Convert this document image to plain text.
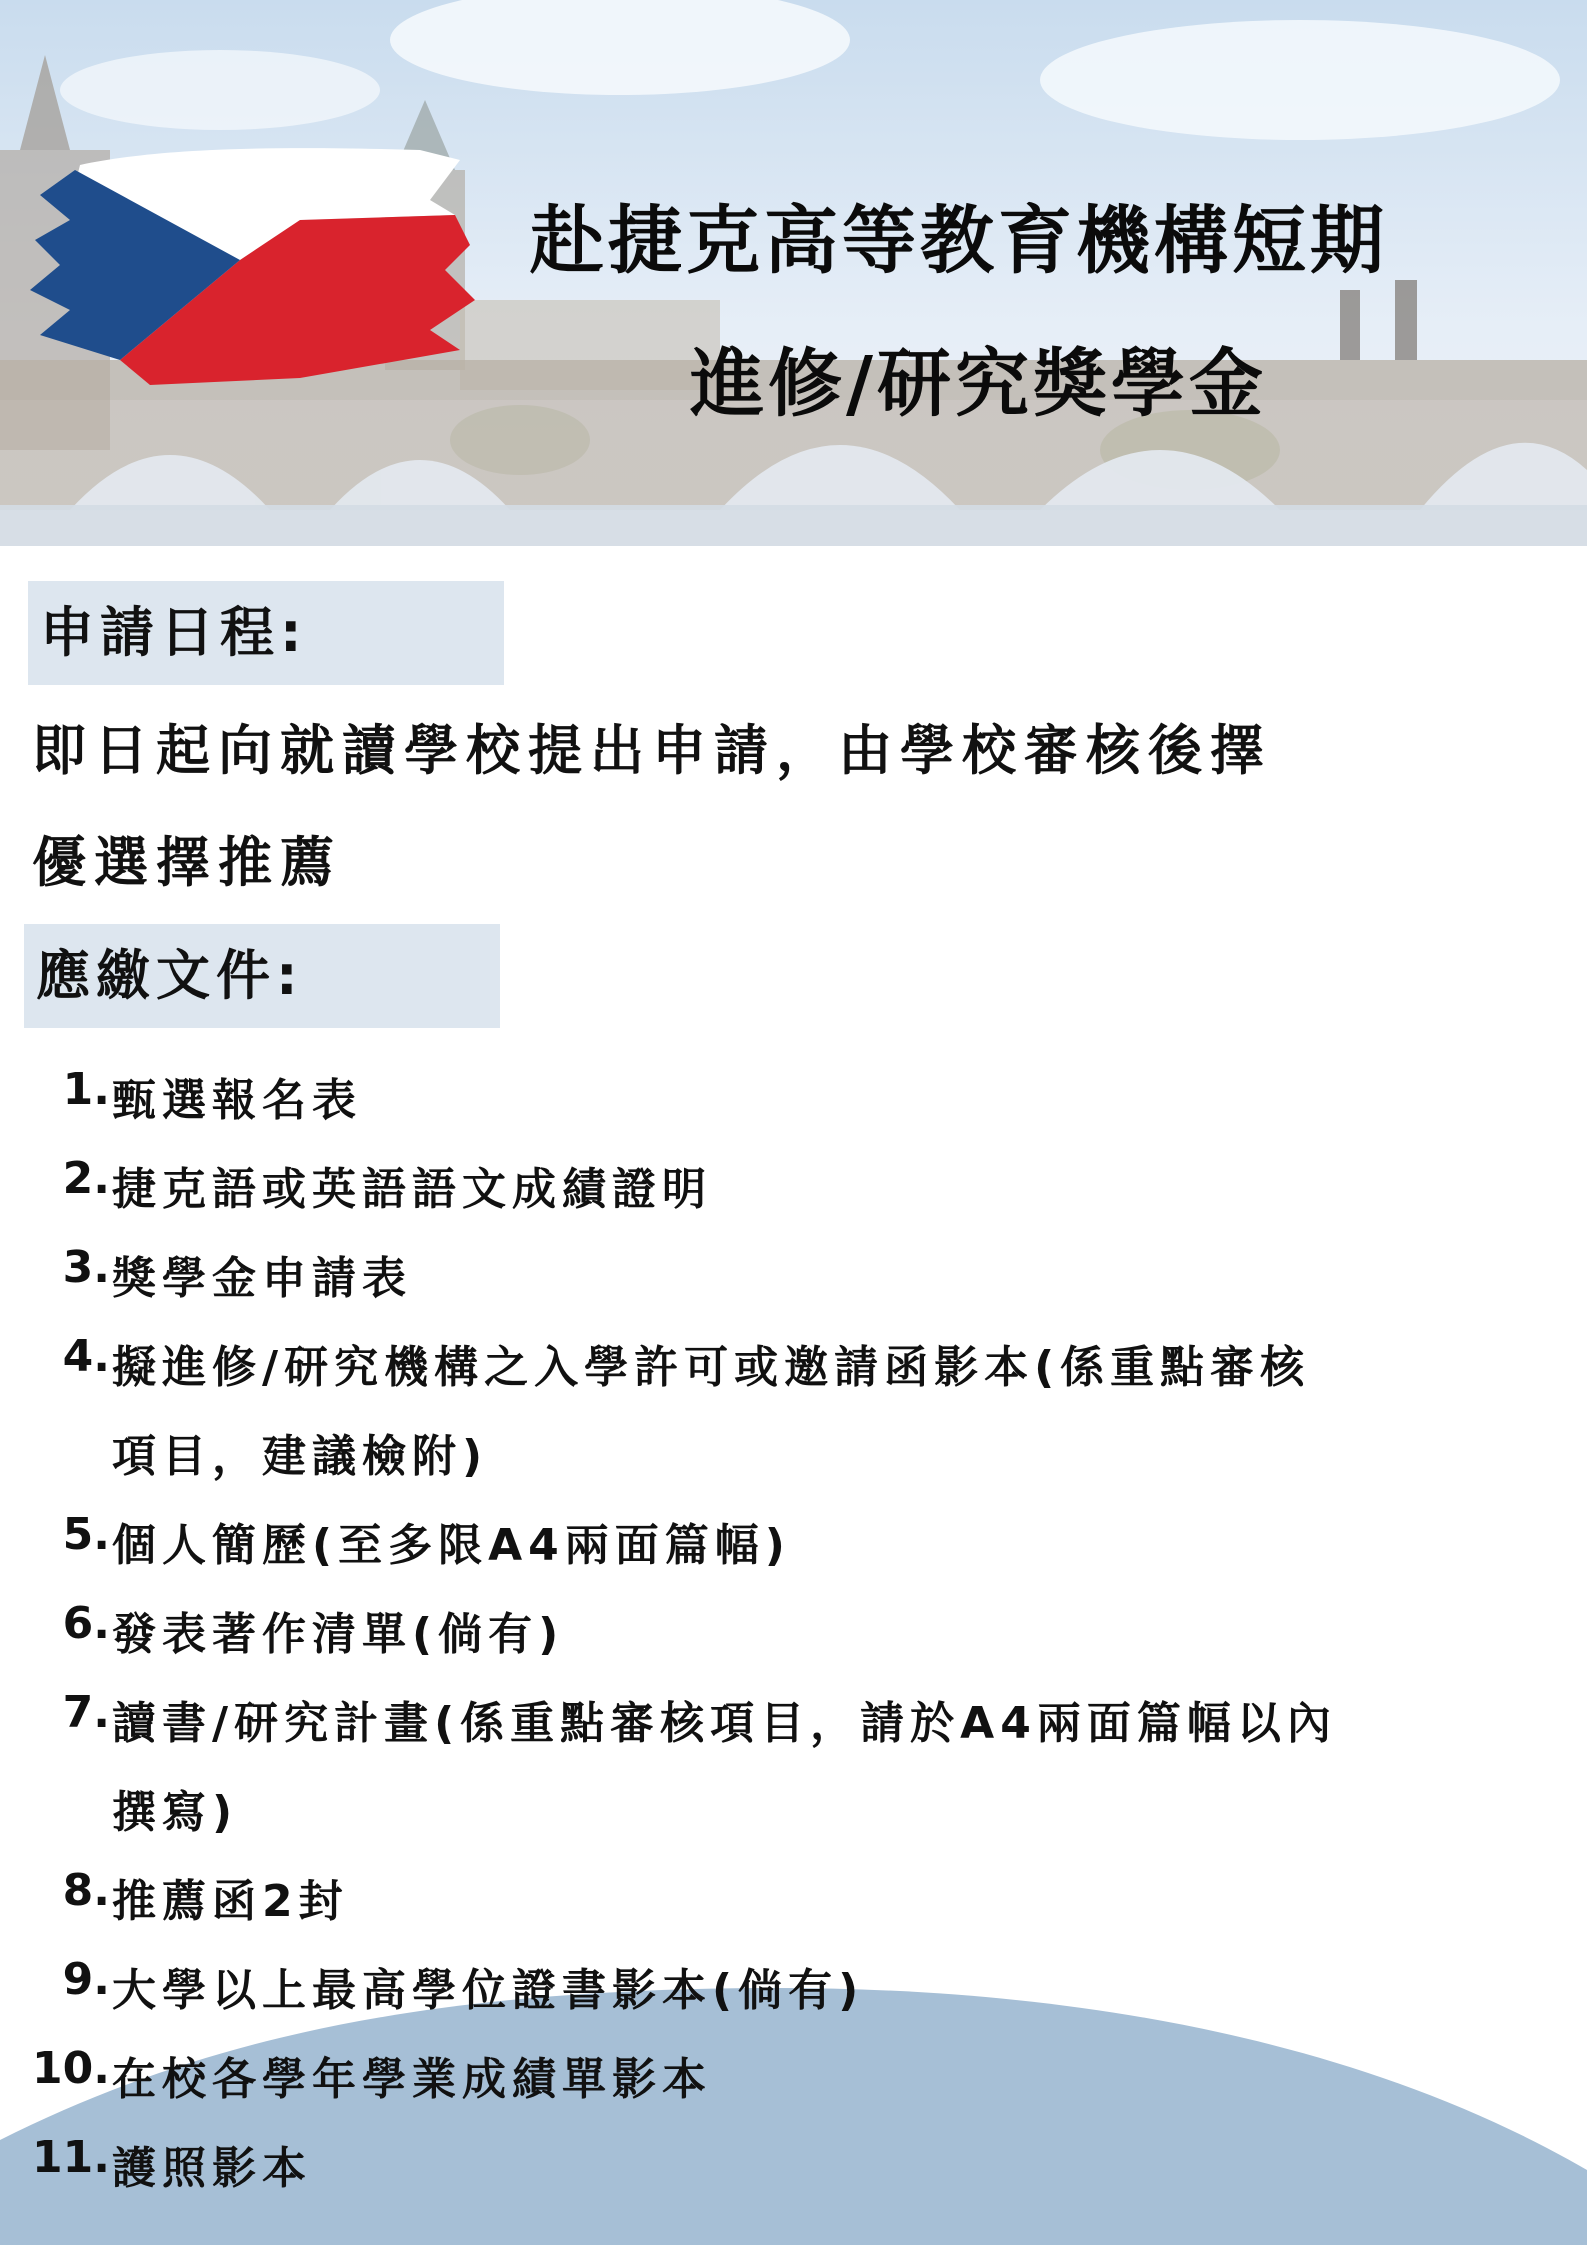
赴捷克高等教育機構短期
進修/研究獎學金
申請日程:
即日起向就讀學校提出申請，由學校審核後擇
優選擇推薦
應繳文件:
1. 甄選報名表
2. 捷克語或英語語文成績證明
3. 獎學金申請表
4. 擬進修/研究機構之入學許可或邀請函影本(係重點審核
項目，建議檢附)
5. 個人簡歷(至多限A4兩面篇幅)
6. 發表著作清單(倘有)
7. 讀書/研究計畫(係重點審核項目，請於A4兩面篇幅以內
撰寫)
8. 推薦函2封
9. 大學以上最高學位證書影本(倘有)
10. 在校各學年學業成績單影本
11. 護照影本
